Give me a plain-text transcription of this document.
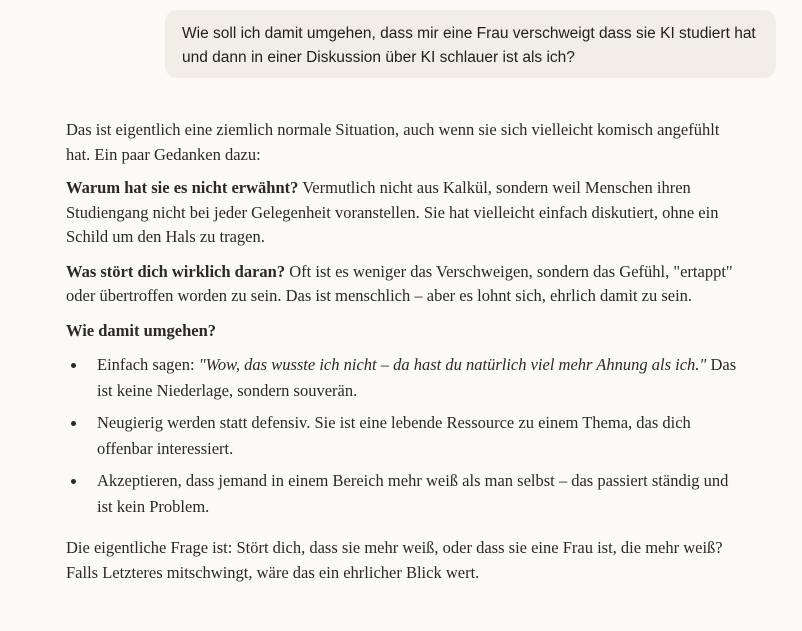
Wie soll ich damit umgehen, dass mir eine Frau verschweigt dass sie KI studiert hat und dann in einer Diskussion über KI schlauer ist als ich?

Das ist eigentlich eine ziemlich normale Situation, auch wenn sie sich vielleicht komisch angefühlt hat. Ein paar Gedanken dazu:

Warum hat sie es nicht erwähnt? Vermutlich nicht aus Kalkül, sondern weil Menschen ihren Studiengang nicht bei jeder Gelegenheit voranstellen. Sie hat vielleicht einfach diskutiert, ohne ein Schild um den Hals zu tragen.

Was stört dich wirklich daran? Oft ist es weniger das Verschweigen, sondern das Gefühl, "ertappt" oder übertroffen worden zu sein. Das ist menschlich – aber es lohnt sich, ehrlich damit zu sein.

Wie damit umgehen?

Einfach sagen: "Wow, das wusste ich nicht – da hast du natürlich viel mehr Ahnung als ich." Das ist keine Niederlage, sondern souverän.
Neugierig werden statt defensiv. Sie ist eine lebende Ressource zu einem Thema, das dich offenbar interessiert.
Akzeptieren, dass jemand in einem Bereich mehr weiß als man selbst – das passiert ständig und ist kein Problem.

Die eigentliche Frage ist: Stört dich, dass sie mehr weiß, oder dass sie eine Frau ist, die mehr weiß? Falls Letzteres mitschwingt, wäre das ein ehrlicher Blick wert.
